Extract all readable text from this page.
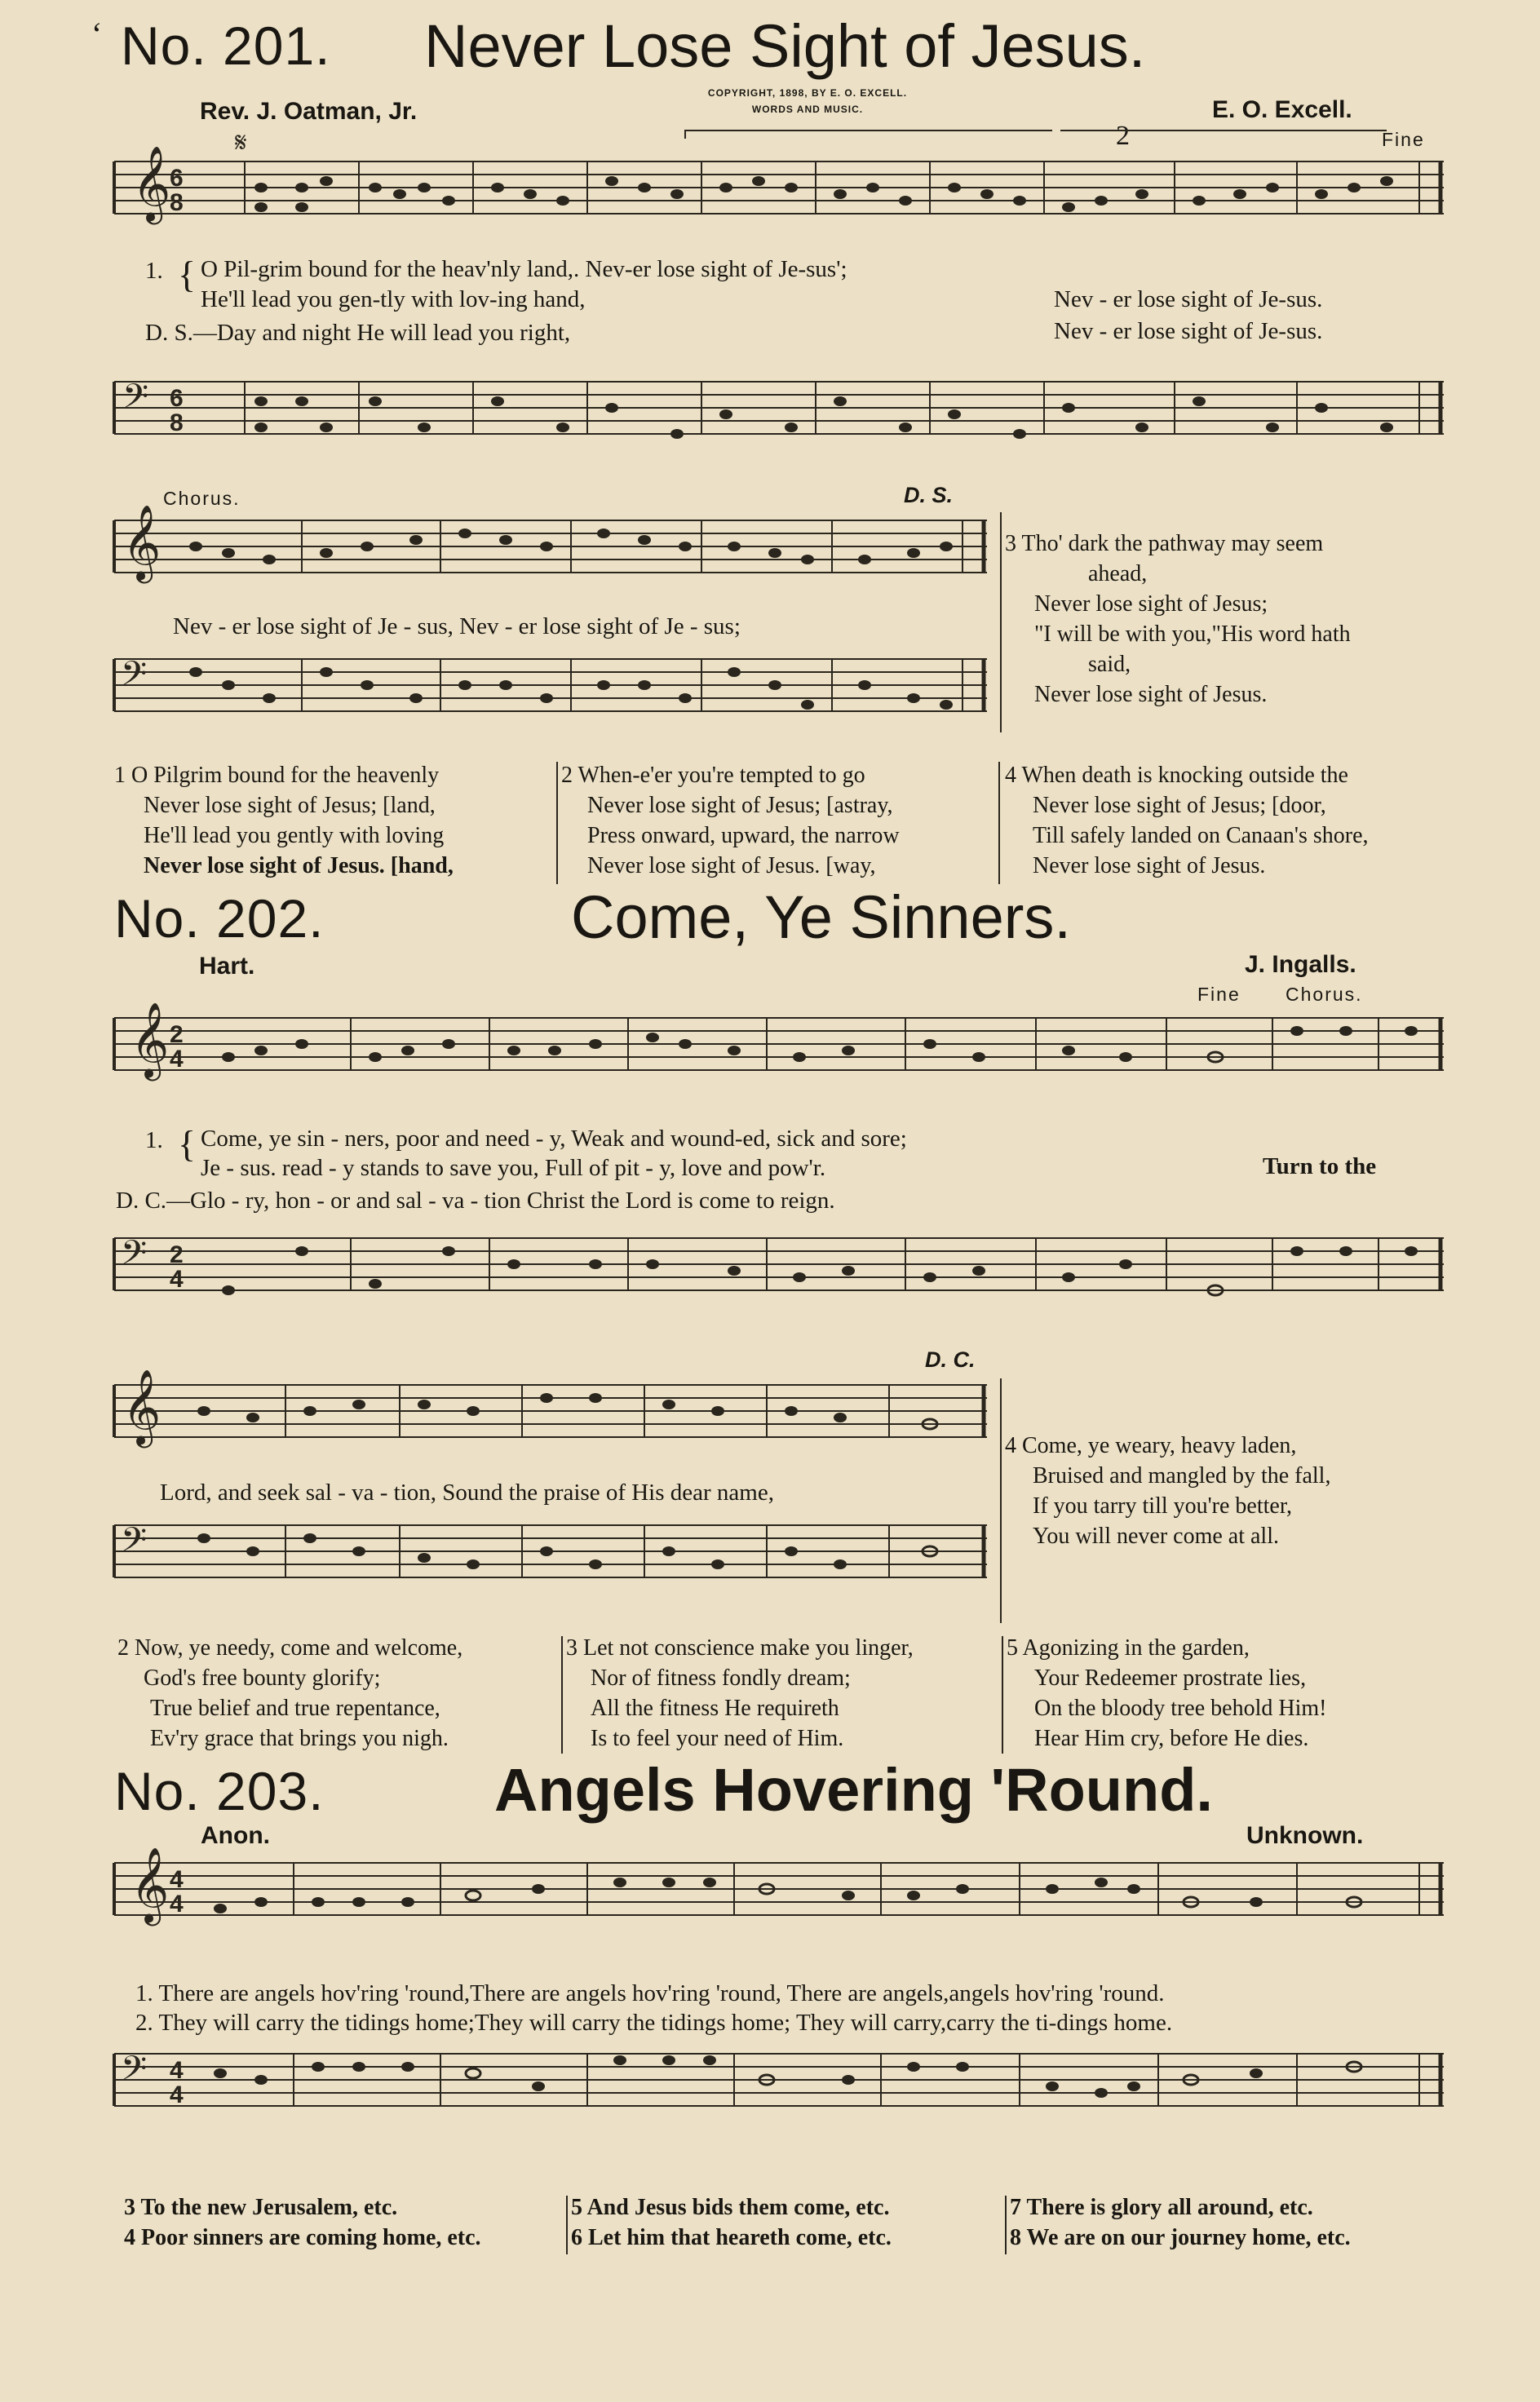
‘ No. 201. Never Lose Sight of Jesus.
Rev. J. Oatman, Jr.
COPYRIGHT, 1898, BY E. O. EXCELL.
WORDS AND MUSIC.	E. O. Excell.
Fine
2
𝄞
6
8
𝄋
1. { O Pil-grim bound for the heav'nly land,. Nev-er lose sight of Je-sus';
He'll lead you gen-tly with lov-ing hand,
D. S.—Day and night He will lead you right,
Nev - er lose sight of Je-sus.
Nev - er lose sight of Je-sus.
𝄢 6
8
Chorus.	D. S.
𝄞
Nev - er lose sight of Je - sus, Nev - er lose sight of Je - sus;
𝄢
3 Tho' dark the pathway may seem
ahead,
Never lose sight of Jesus;
"I will be with you,"His word hath
said,
Never lose sight of Jesus.
1 O Pilgrim bound for the heavenly
Never lose sight of Jesus; [land,
He'll lead you gently with loving
Never lose sight of Jesus. [hand,
2 When-e'er you're tempted to go
Never lose sight of Jesus; [astray,
Press onward, upward, the narrow
Never lose sight of Jesus. [way,
4 When death is knocking outside the
Never lose sight of Jesus; [door,
Till safely landed on Canaan's shore,
Never lose sight of Jesus.
No. 202.	Come, Ye Sinners.
Hart.	J. Ingalls.
Fine Chorus.
𝄞 2
4
1. { Come, ye sin - ners, poor and need - y, Weak and wound-ed, sick and sore;
Je - sus. read - y stands to save you, Full of pit - y, love and pow'r.
D. C.—Glo - ry, hon - or and sal - va - tion Christ the Lord is come to reign.
Turn to the
𝄢 2
4
D. C.
𝄞
Lord, and seek sal - va - tion, Sound the praise of His dear name,
𝄢
4 Come, ye weary, heavy laden,
Bruised and mangled by the fall,
If you tarry till you're better,
You will never come at all.
2 Now, ye needy, come and welcome,
God's free bounty glorify;
True belief and true repentance,
Ev'ry grace that brings you nigh.
3 Let not conscience make you linger,
Nor of fitness fondly dream;
All the fitness He requireth
Is to feel your need of Him.
5 Agonizing in the garden,
Your Redeemer prostrate lies,
On the bloody tree behold Him!
Hear Him cry, before He dies.
No. 203.	Angels Hovering 'Round.
Anon.	Unknown.
𝄞 4
4
1. There are angels hov'ring 'round,There are angels hov'ring 'round, There are angels,angels hov'ring 'round.
2. They will carry the tidings home;They will carry the tidings home; They will carry,carry the ti-dings home.
𝄢 4
4
3 To the new Jerusalem, etc.
4 Poor sinners are coming home, etc.
5 And Jesus bids them come, etc.
6 Let him that heareth come, etc.
7 There is glory all around, etc.
8 We are on our journey home, etc.
